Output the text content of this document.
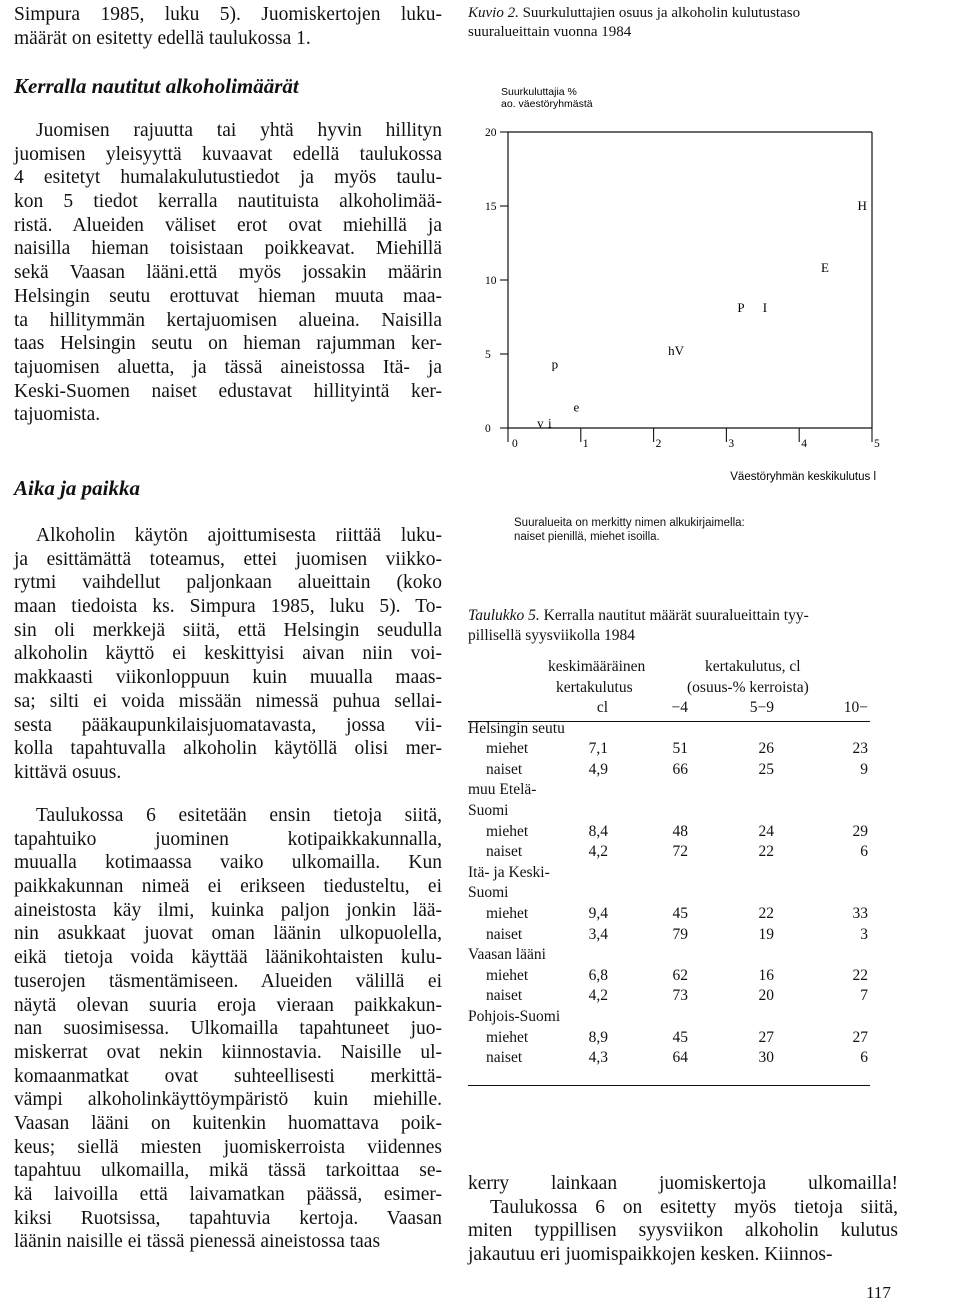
Simpura 1985, luku 5). Juomiskertojen luku-
määrät on esitetty edellä taulukossa 1.
Kerralla nautitut alkoholimäärät
Juomisen rajuutta tai yhtä hyvin hillityn
juomisen yleisyyttä kuvaavat edellä taulukossa
4 esitetyt humalakulutustiedot ja myös taulu-
kon 5 tiedot kerralla nautituista alkoholimää-
ristä. Alueiden väliset erot ovat miehillä ja
naisilla hieman toisistaan poikkeavat. Miehillä
sekä Vaasan lääni.että myös jossakin määrin
Helsingin seutu erottuvat hieman muuta maa-
ta hillitymmän kertajuomisen alueina. Naisilla
taas Helsingin seutu on hieman rajumman ker-
tajuomisen aluetta, ja tässä aineistossa Itä- ja
Keski-Suomen naiset edustavat hillityintä ker-
tajuomista.
Aika ja paikka
Alkoholin käytön ajoittumisesta riittää luku-
ja esittämättä toteamus, ettei juomisen viikko-
rytmi vaihdellut paljonkaan alueittain (koko
maan tiedoista ks. Simpura 1985, luku 5). To-
sin oli merkkejä siitä, että Helsingin seudulla
alkoholin käyttö ei keskittyisi aivan niin voi-
makkaasti viikonloppuun kuin muualla maas-
sa; silti ei voida missään nimessä puhua sellai-
sesta pääkaupunkilaisjuomatavasta, jossa vii-
kolla tapahtuvalla alkoholin käytöllä olisi mer-
kittävä osuus.
Taulukossa 6 esitetään ensin tietoja siitä,
tapahtuiko juominen kotipaikkakunnalla,
muualla kotimaassa vaiko ulkomailla. Kun
paikkakunnan nimeä ei erikseen tiedusteltu, ei
aineistosta käy ilmi, kuinka paljon jonkin lää-
nin asukkaat juovat oman läänin ulkopuolella,
eikä tietoja voida käyttää läänikohtaisten kulu-
tuserojen täsmentämiseen. Alueiden välillä ei
näytä olevan suuria eroja vieraan paikkakun-
nan suosimisessa. Ulkomailla tapahtuneet juo-
miskerrat ovat nekin kiinnostavia. Naisille ul-
komaanmatkat ovat suhteellisesti merkittä-
vämpi alkoholinkäyttöympäristö kuin miehille.
Vaasan lääni on kuitenkin huomattava poik-
keus; siellä miesten juomiskerroista viidennes
tapahtuu ulkomailla, mikä tässä tarkoittaa se-
kä laivoilla että laivamatkan päässä, esimer-
kiksi Ruotsissa, tapahtuvia kertoja. Vaasan
läänin naisille ei tässä pienessä aineistossa taas
Kuvio 2. Suurkuluttajien osuus ja alkoholin kulutustaso
suuralueittain vuonna 1984
Suurkuluttajia %
ao. väestöryhmästä
0
5
10
15
20
0	1	2	3	4	5
v i
e
p
hV
P I
E
H
Väestöryhmän keskikulutus l
Suuralueita on merkitty nimen alkukirjaimella:
naiset pienillä, miehet isoilla.
Taulukko 5. Kerralla nautitut määrät suuralueittain tyy-
pillisellä syysviikolla 1984
keskimääräinen	kertakulutus, cl
kertakulutus	(osuus-% kerroista)
	cl	−4	5−9	10−
Helsingin seutu				
miehet	7,1	51	26	23
naiset	4,9	66	25	9
muu Etelä-				
Suomi				
miehet	8,4	48	24	29
naiset	4,2	72	22	6
Itä- ja Keski-				
Suomi				
miehet	9,4	45	22	33
naiset	3,4	79	19	3
Vaasan lääni				
miehet	6,8	62	16	22
naiset	4,2	73	20	7
Pohjois-Suomi				
miehet	8,9	45	27	27
naiset	4,3	64	30	6
kerry lainkaan juomiskertoja ulkomailla!
Taulukossa 6 on esitetty myös tietoja siitä,
miten typpillisen syysviikon alkoholin kulutus
jakautuu eri juomispaikkojen kesken. Kiinnos-
117
